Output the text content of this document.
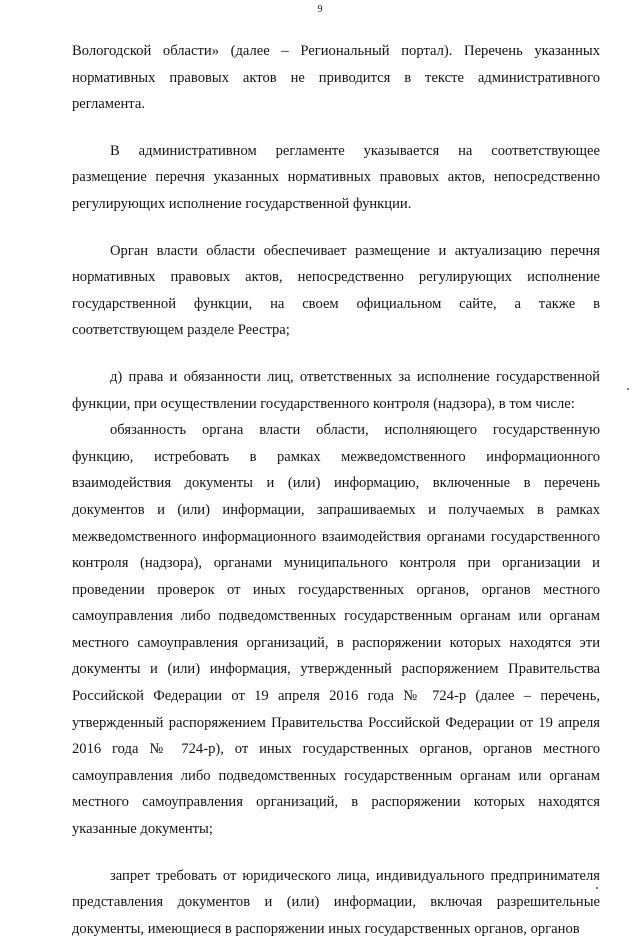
9

Вологодской области» (далее – Региональный портал). Перечень указанных нормативных правовых актов не приводится в тексте административного регламента.

В административном регламенте указывается на соответствующее размещение перечня указанных нормативных правовых актов, непосредственно регулирующих исполнение государственной функции.

Орган власти области обеспечивает размещение и актуализацию перечня нормативных правовых актов, непосредственно регулирующих исполнение государственной функции, на своем официальном сайте, а также в соответствующем разделе Реестра;

д) права и обязанности лиц, ответственных за исполнение государственной функции, при осуществлении государственного контроля (надзора), в том числе:

обязанность органа власти области, исполняющего государственную функцию, истребовать в рамках межведомственного информационного взаимодействия документы и (или) информацию, включенные в перечень документов и (или) информации, запрашиваемых и получаемых в рамках межведомственного информационного взаимодействия органами государственного контроля (надзора), органами муниципального контроля при организации и проведении проверок от иных государственных органов, органов местного самоуправления либо подведомственных государственным органам или органам местного самоуправления организаций, в распоряжении которых находятся эти документы и (или) информация, утвержденный распоряжением Правительства Российской Федерации от 19 апреля 2016 года № 724-р (далее – перечень, утвержденный распоряжением Правительства Российской Федерации от 19 апреля 2016 года № 724-р), от иных государственных органов, органов местного самоуправления либо подведомственных государственным органам или органам местного самоуправления организаций, в распоряжении которых находятся указанные документы;

запрет требовать от юридического лица, индивидуального предпринимателя представления документов и (или) информации, включая разрешительные документы, имеющиеся в распоряжении иных государственных органов, органов
